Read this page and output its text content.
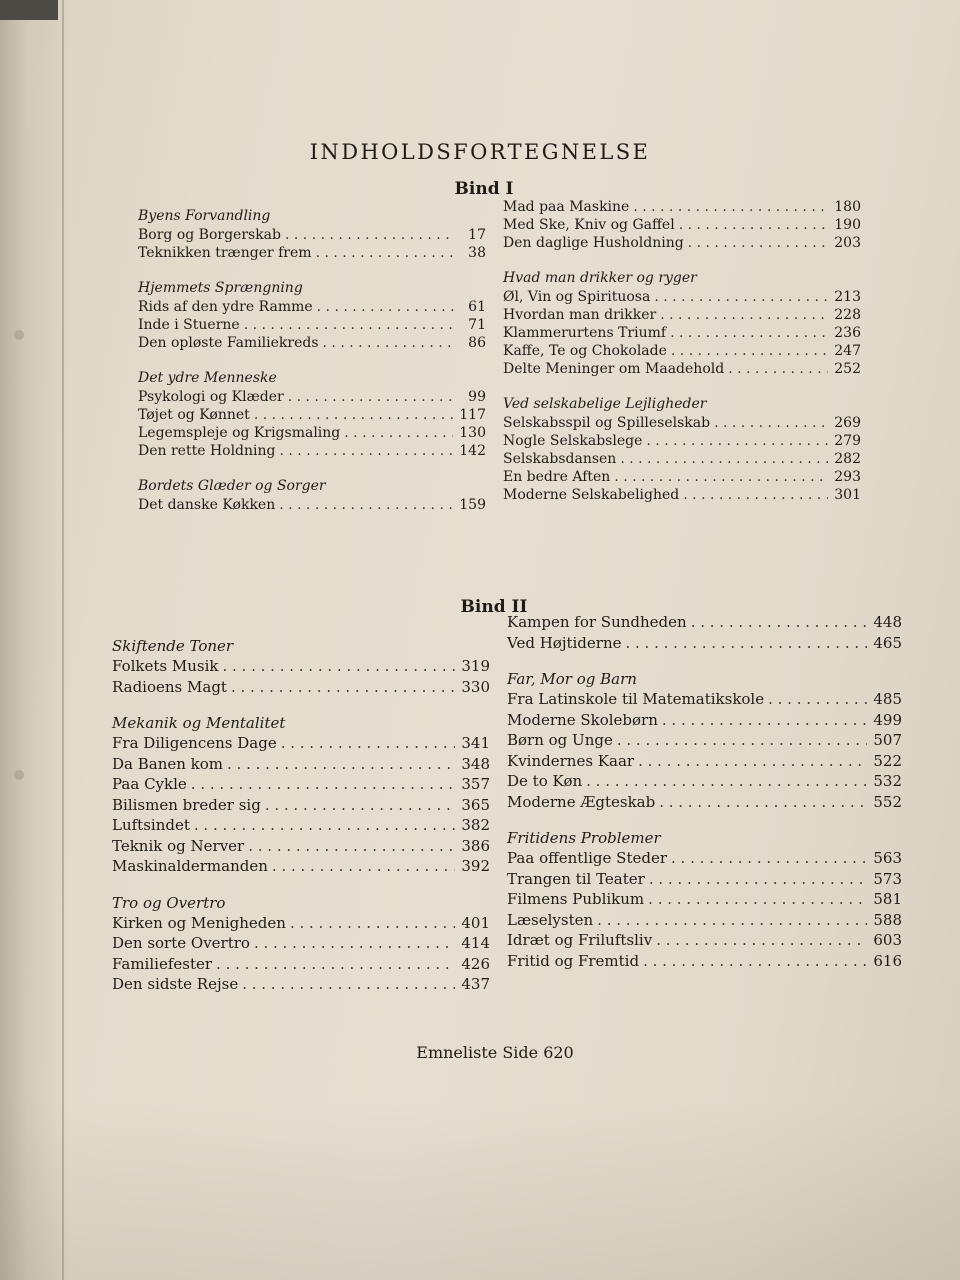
INDHOLDSFORTEGNELSE
Bind I
Byens Forvandling
Borg og Borgerskab . . .	17
Teknikken trænger frem . . .	38
Hjemmets Sprængning
Rids af den ydre Ramme . . .	61
Inde i Stuerne . . .	71
Den opløste Familiekreds . . .	86
Det ydre Menneske
Psykologi og Klæder . . .	99
Tøjet og Kønnet . . .	117
Legemspleje og Krigsmaling . . .	130
Den rette Holdning . . .	142
Bordets Glæder og Sorger
Det danske Køkken . . .	159
Mad paa Maskine . . .	180
Med Ske, Kniv og Gaffel . . .	190
Den daglige Husholdning . . .	203
Hvad man drikker og ryger
Øl, Vin og Spirituosa . . .	213
Hvordan man drikker . . .	228
Klammerurtens Triumf . . .	236
Kaffe, Te og Chokolade . . .	247
Delte Meninger om Maadehold . . .	252
Ved selskabelige Lejligheder
Selskabsspil og Spilleselskab . . .	269
Nogle Selskabslege . . .	279
Selskabsdansen . . .	282
En bedre Aften . . .	293
Moderne Selskabelighed . . .	301
Bind II
Skiftende Toner
Folkets Musik . . .	319
Radioens Magt . . .	330
Mekanik og Mentalitet
Fra Diligencens Dage . . .	341
Da Banen kom . . .	348
Paa Cykle . . .	357
Bilismen breder sig . . .	365
Luftsindet . . .	382
Teknik og Nerver . . .	386
Maskinaldermanden . . .	392
Tro og Overtro
Kirken og Menigheden . . .	401
Den sorte Overtro . . .	414
Familiefester . . .	426
Den sidste Rejse . . .	437
Kampen for Sundheden . . .	448
Ved Højtiderne . . .	465
Far, Mor og Barn
Fra Latinskole til Matematikskole . . .	485
Moderne Skolebørn . . .	499
Børn og Unge . . .	507
Kvindernes Kaar . . .	522
De to Køn . . .	532
Moderne Ægteskab . . .	552
Fritidens Problemer
Paa offentlige Steder . . .	563
Trangen til Teater . . .	573
Filmens Publikum . . .	581
Læselysten . . .	588
Idræt og Friluftsliv . . .	603
Fritid og Fremtid . . .	616
Emneliste Side 620
